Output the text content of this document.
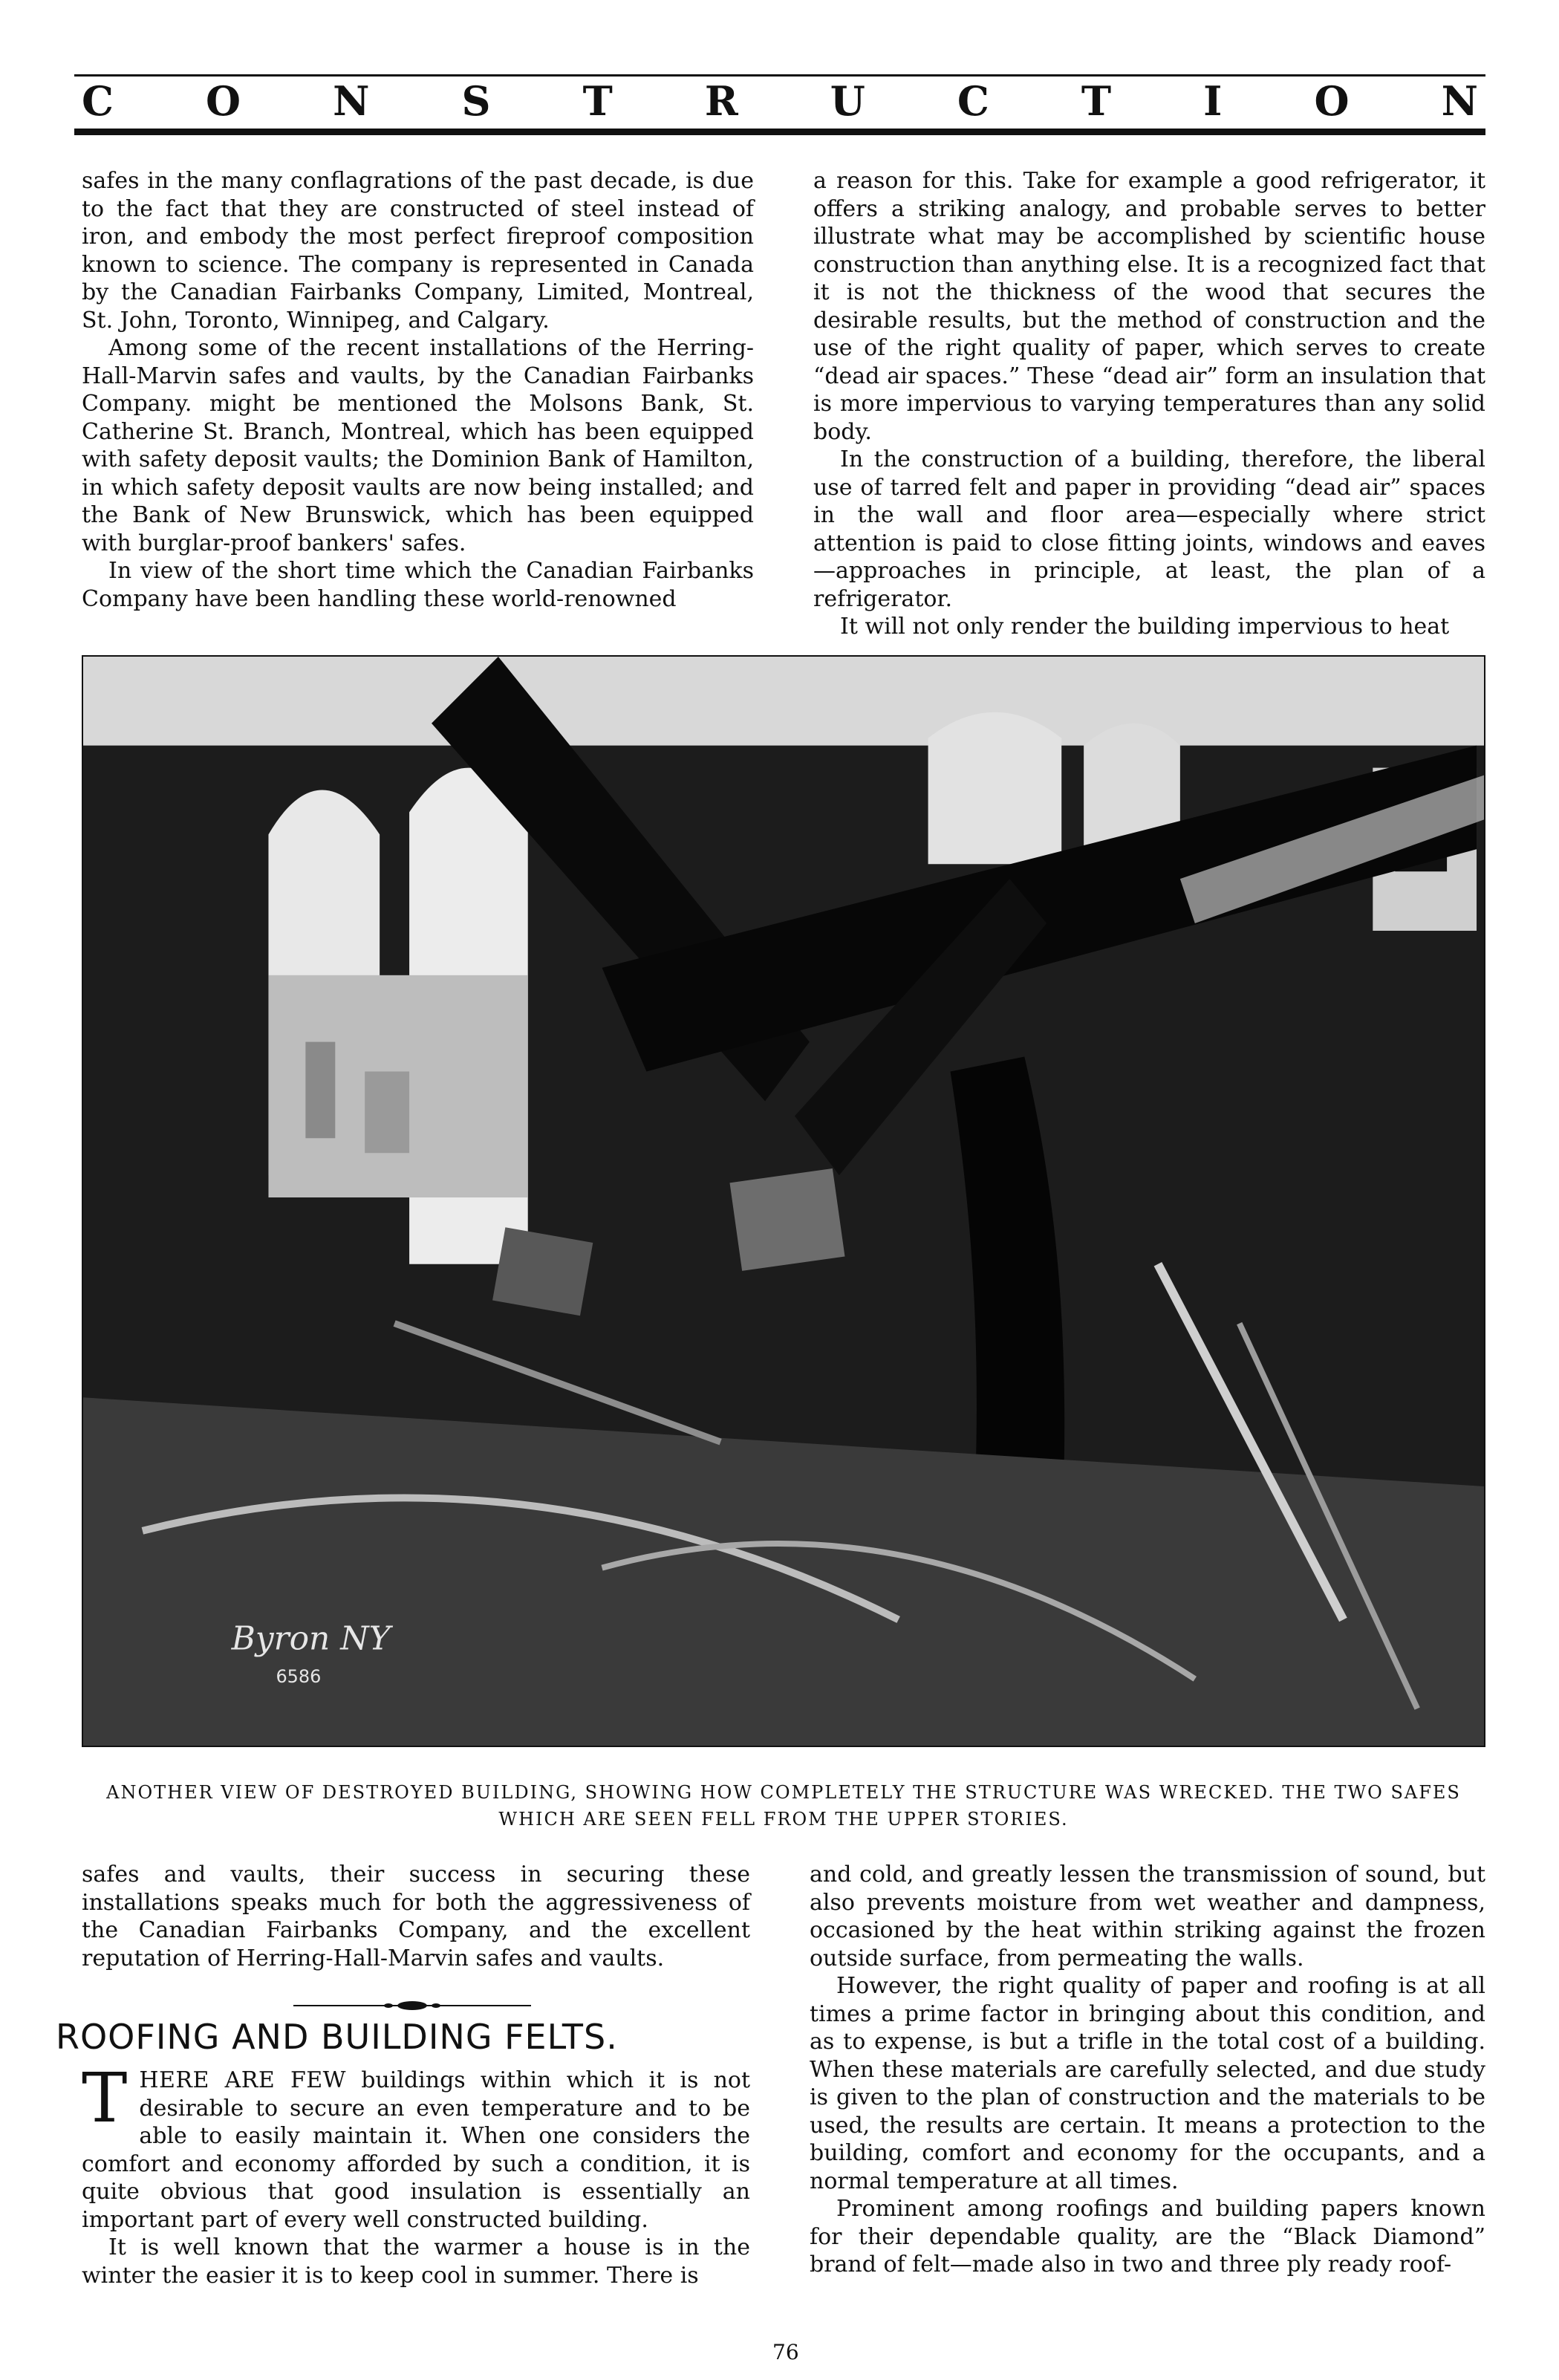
C O N S T R U C T I O N

safes in the many conflagrations of the past decade, is due to the fact that they are constructed of steel instead of iron, and embody the most perfect fireproof composition known to science. The company is represented in Canada by the Canadian Fairbanks Company, Limited, Montreal, St. John, Toronto, Winnipeg, and Calgary.

Among some of the recent installations of the Herring-Hall-Marvin safes and vaults, by the Canadian Fairbanks Company. might be mentioned the Molsons Bank, St. Catherine St. Branch, Montreal, which has been equipped with safety deposit vaults; the Dominion Bank of Hamilton, in which safety deposit vaults are now being installed; and the Bank of New Brunswick, which has been equipped with burglar-proof bankers' safes.

In view of the short time which the Canadian Fairbanks Company have been handling these world-renowned

a reason for this. Take for example a good refrigerator, it offers a striking analogy, and probable serves to better illustrate what may be accomplished by scientific house construction than anything else. It is a recognized fact that it is not the thickness of the wood that secures the desirable results, but the method of construction and the use of the right quality of paper, which serves to create “dead air spaces.” These “dead air” form an insulation that is more impervious to varying temperatures than any solid body.

In the construction of a building, therefore, the liberal use of tarred felt and paper in providing “dead air” spaces in the wall and floor area—especially where strict attention is paid to close fitting joints, windows and eaves—approaches in principle, at least, the plan of a refrigerator.

It will not only render the building impervious to heat

Byron NY
6586
ANOTHER VIEW OF DESTROYED BUILDING, SHOWING HOW COMPLETELY THE STRUCTURE WAS WRECKED. THE TWO SAFES WHICH ARE SEEN FELL FROM THE UPPER STORIES.

safes and vaults, their success in securing these installations speaks much for both the aggressiveness of the Canadian Fairbanks Company, and the excellent reputation of Herring-Hall-Marvin safes and vaults.

ROOFING AND BUILDING FELTS.

THERE ARE FEW buildings within which it is not desirable to secure an even temperature and to be able to easily maintain it. When one considers the comfort and economy afforded by such a condition, it is quite obvious that good insulation is essentially an important part of every well constructed building.

It is well known that the warmer a house is in the winter the easier it is to keep cool in summer. There is

and cold, and greatly lessen the transmission of sound, but also prevents moisture from wet weather and dampness, occasioned by the heat within striking against the frozen outside surface, from permeating the walls.

However, the right quality of paper and roofing is at all times a prime factor in bringing about this condition, and as to expense, is but a trifle in the total cost of a building. When these materials are carefully selected, and due study is given to the plan of construction and the materials to be used, the results are certain. It means a protection to the building, comfort and economy for the occupants, and a normal temperature at all times.

Prominent among roofings and building papers known for their dependable quality, are the “Black Diamond” brand of felt—made also in two and three ply ready roof-

76
